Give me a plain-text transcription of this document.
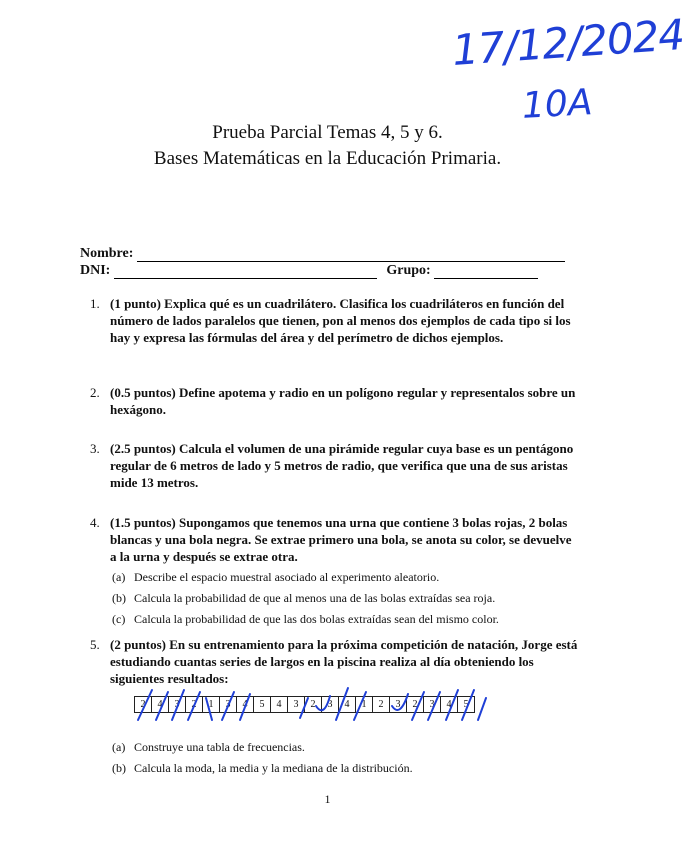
17/12/2024
10A
Prueba Parcial Temas 4, 5 y 6.
Bases Matemáticas en la Educación Primaria.
Nombre:
DNI:	Grupo:
1. (1 punto) Explica qué es un cuadrilátero. Clasifica los cuadriláteros en función del número de lados paralelos que tienen, pon al menos dos ejemplos de cada tipo si los hay y expresa las fórmulas del área y del perímetro de dichos ejemplos.
2. (0.5 puntos) Define apotema y radio en un polígono regular y representalos sobre un hexágono.
3. (2.5 puntos) Calcula el volumen de una pirámide regular cuya base es un pentágono regular de 6 metros de lado y 5 metros de radio, que verifica que una de sus aristas mide 13 metros.
4. (1.5 puntos) Supongamos que tenemos una urna que contiene 3 bolas rojas, 2 bolas blancas y una bola negra. Se extrae primero una bola, se anota su color, se devuelve a la urna y después se extrae otra.
(a) Describe el espacio muestral asociado al experimento aleatorio.
(b) Calcula la probabilidad de que al menos una de las bolas extraídas sea roja.
(c) Calcula la probabilidad de que las dos bolas extraídas sean del mismo color.
5. (2 puntos) En su entrenamiento para la próxima competición de natación, Jorge está estudiando cuantas series de largos en la piscina realiza al día obteniendo los siguientes resultados:
2	4	3	2	1	3	4	5	4	3	2	3	4	1	2	3	2	3	4	5
(a) Construye una tabla de frecuencias.
(b) Calcula la moda, la media y la mediana de la distribución.
1
